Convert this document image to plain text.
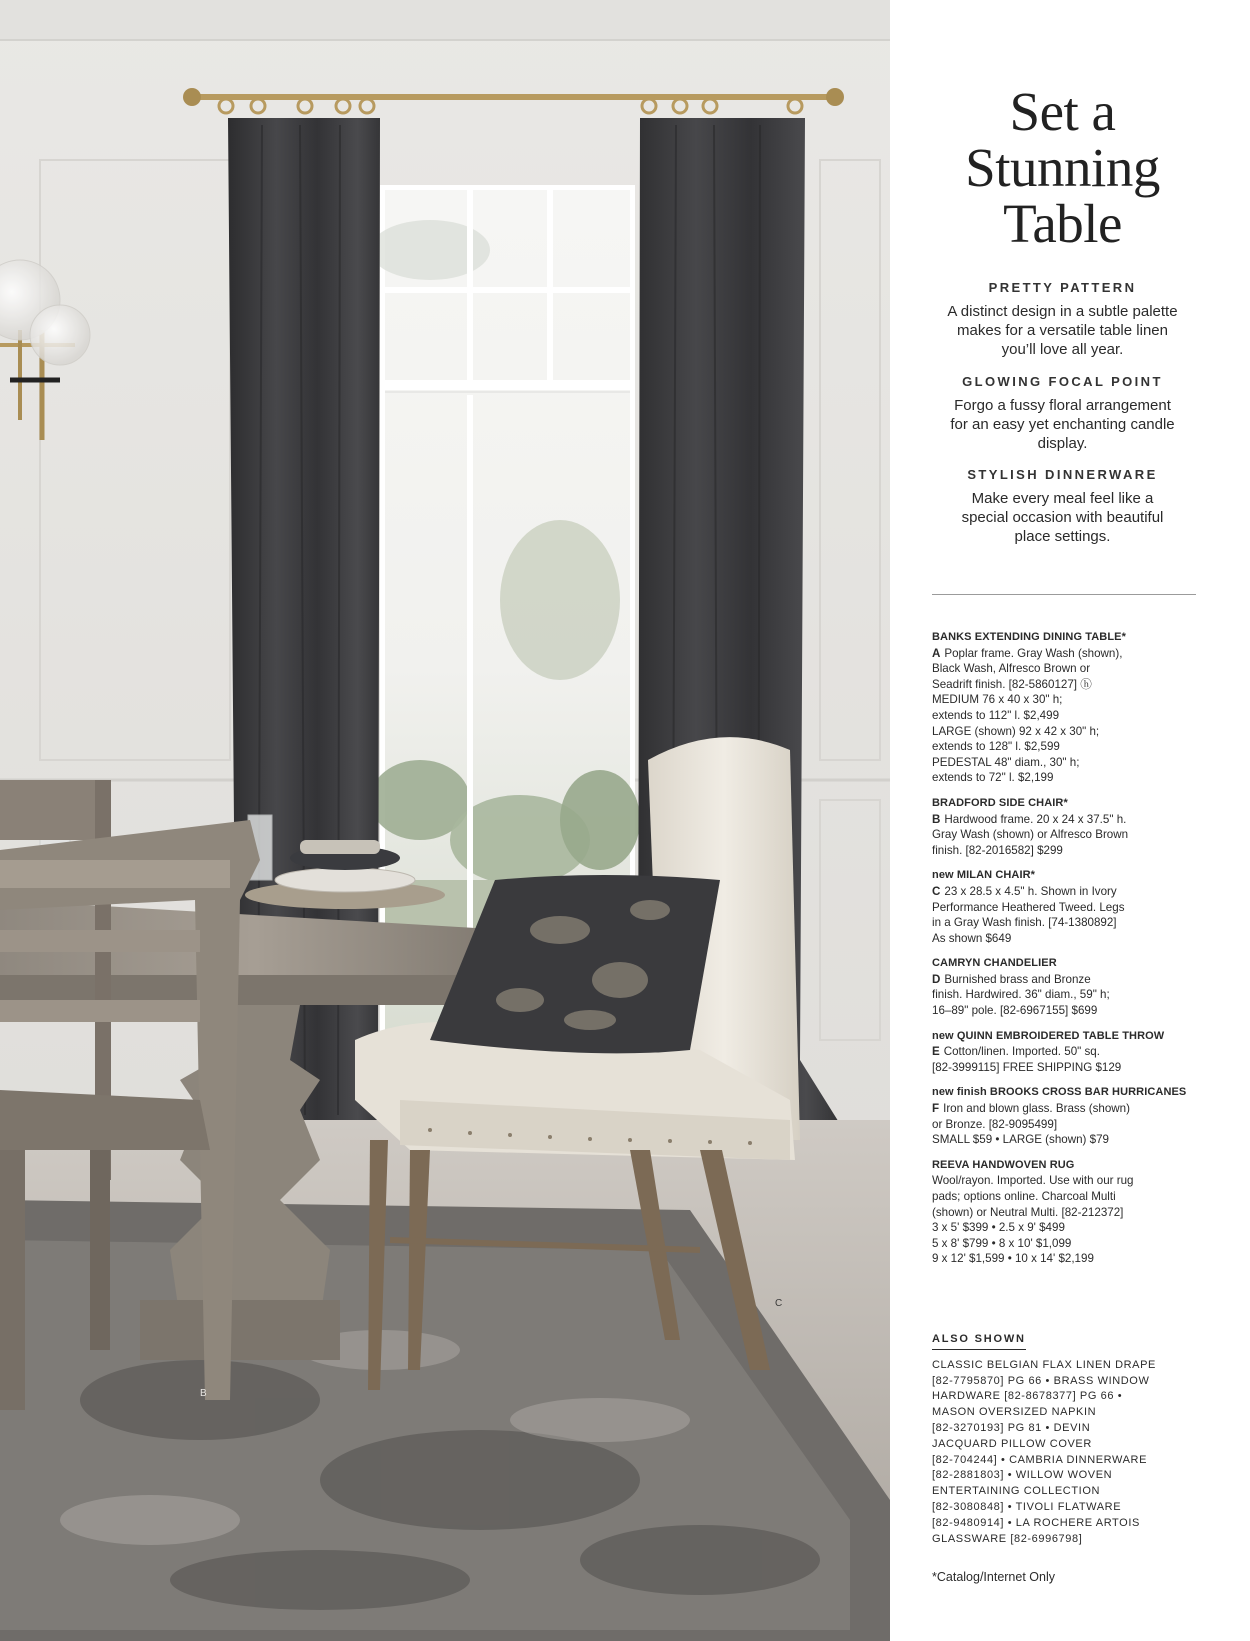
B
C
Set a
Stunning
Table
PRETTY PATTERN

A distinct design in a subtle palette makes for a versatile table linen you’ll love all year.

GLOWING FOCAL POINT

Forgo a fussy floral arrangement for an easy yet enchanting candle display.

STYLISH DINNERWARE

Make every meal feel like a special occasion with beautiful place settings.

BANKS EXTENDING DINING TABLE*
A Poplar frame. Gray Wash (shown),
Black Wash, Alfresco Brown or
Seadrift finish. [82-5860127] ⓗ
MEDIUM 76 x 40 x 30" h;
extends to 112" l. $2,499
LARGE (shown) 92 x 42 x 30" h;
extends to 128" l. $2,599
PEDESTAL 48" diam., 30" h;
extends to 72" l. $2,199
BRADFORD SIDE CHAIR*
B Hardwood frame. 20 x 24 x 37.5" h.
Gray Wash (shown) or Alfresco Brown
finish. [82-2016582] $299
new MILAN CHAIR*
C 23 x 28.5 x 4.5" h. Shown in Ivory
Performance Heathered Tweed. Legs
in a Gray Wash finish. [74-1380892]
As shown $649
CAMRYN CHANDELIER
D Burnished brass and Bronze
finish. Hardwired. 36" diam., 59" h;
16–89" pole. [82-6967155] $699
new QUINN EMBROIDERED TABLE THROW
E Cotton/linen. Imported. 50" sq.
[82-3999115] FREE SHIPPING $129
new finish BROOKS CROSS BAR HURRICANES
F Iron and blown glass. Brass (shown)
or Bronze. [82-9095499]
SMALL $59 • LARGE (shown) $79
REEVA HANDWOVEN RUG
Wool/rayon. Imported. Use with our rug
pads; options online. Charcoal Multi
(shown) or Neutral Multi. [82-212372]
3 x 5' $399 • 2.5 x 9' $499
5 x 8' $799 • 8 x 10' $1,099
9 x 12' $1,599 • 10 x 14' $2,199
ALSO SHOWN
CLASSIC BELGIAN FLAX LINEN DRAPE
[82-7795870] PG 66 • BRASS WINDOW
HARDWARE [82-8678377] PG 66 •
MASON OVERSIZED NAPKIN
[82-3270193] PG 81 • DEVIN
JACQUARD PILLOW COVER
[82-704244] • CAMBRIA DINNERWARE
[82-2881803] • WILLOW WOVEN
ENTERTAINING COLLECTION
[82-3080848] • TIVOLI FLATWARE
[82-9480914] • LA ROCHERE ARTOIS
GLASSWARE [82-6996798]
*Catalog/Internet Only
